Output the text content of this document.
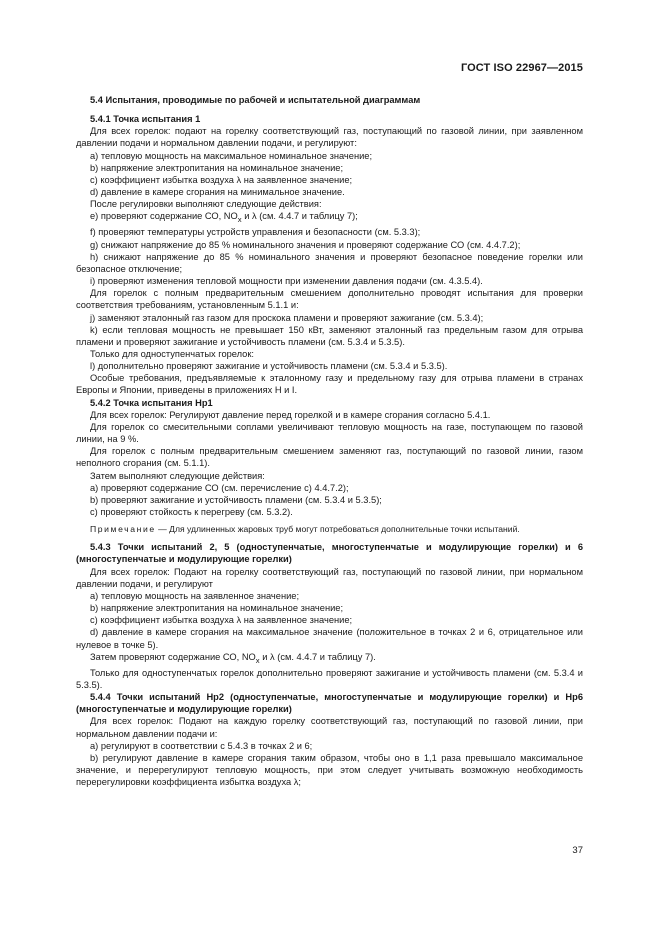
ГОСТ ISO 22967—2015

5.4 Испытания, проводимые по рабочей и испытательной диаграммам

5.4.1 Точка испытания 1

Для всех горелок: подают на горелку соответствующий газ, поступающий по газовой линии, при заявленном давлении подачи и нормальном давлении подачи, и регулируют:

a) тепловую мощность на максимальное номинальное значение;

b) напряжение электропитания на номинальное значение;

c) коэффициент избытка воздуха λ на заявленное значение;

d) давление в камере сгорания на минимальное значение.

После регулировки выполняют следующие действия:

e) проверяют содержание СО, $NO_x$ и λ (см. 4.4.7 и таблицу 7);

f) проверяют температуры устройств управления и безопасности (см. 5.3.3);

g) снижают напряжение до 85 % номинального значения и проверяют содержание СО (см. 4.4.7.2);

h) снижают напряжение до 85 % номинального значения и проверяют безопасное поведение горелки или безопасное отключение;

i) проверяют изменения тепловой мощности при изменении давления подачи (см. 4.3.5.4).

Для горелок с полным предварительным смешением дополнительно проводят испытания для проверки соответствия требованиям, установленным 5.1.1 и:

j) заменяют эталонный газ газом для проскока пламени и проверяют зажигание (см. 5.3.4);

k) если тепловая мощность не превышает 150 кВт, заменяют эталонный газ предельным газом для отрыва пламени и проверяют зажигание и устойчивость пламени (см. 5.3.4 и 5.3.5).

Только для одноступенчатых горелок:

l) дополнительно проверяют зажигание и устойчивость пламени (см. 5.3.4 и 5.3.5).

Особые требования, предъявляемые к эталонному газу и предельному газу для отрыва пламени в странах Европы и Японии, приведены в приложениях H и I.

5.4.2 Точка испытания Нр1

Для всех горелок: Регулируют давление перед горелкой и в камере сгорания согласно 5.4.1.

Для горелок со смесительными соплами увеличивают тепловую мощность на газе, поступающем по газовой линии, на 9 %.

Для горелок с полным предварительным смешением заменяют газ, поступающий по газовой линии, газом неполного сгорания (см. 5.1.1).

Затем выполняют следующие действия:

a) проверяют содержание СО (см. перечисление c) 4.4.7.2);

b) проверяют зажигание и устойчивость пламени (см. 5.3.4 и 5.3.5);

c) проверяют стойкость к перегреву (см. 5.3.2).

Примечание — Для удлиненных жаровых труб могут потребоваться дополнительные точки испытаний.

5.4.3 Точки испытаний 2, 5 (одноступенчатые, многоступенчатые и модулирующие горелки) и 6 (многоступенчатые и модулирующие горелки)

Для всех горелок: Подают на горелку соответствующий газ, поступающий по газовой линии, при нормальном давлении подачи, и регулируют

a) тепловую мощность на заявленное значение;

b) напряжение электропитания на номинальное значение;

c) коэффициент избытка воздуха λ на заявленное значение;

d) давление в камере сгорания на максимальное значение (положительное в точках 2 и 6, отрицательное или нулевое в точке 5).

Затем проверяют содержание СО, $NO_x$ и λ (см. 4.4.7 и таблицу 7).

Только для одноступенчатых горелок дополнительно проверяют зажигание и устойчивость пламени (см. 5.3.4 и 5.3.5).

5.4.4 Точки испытаний Нр2 (одноступенчатые, многоступенчатые и модулирующие горелки) и Нр6 (многоступенчатые и модулирующие горелки)

Для всех горелок: Подают на каждую горелку соответствующий газ, поступающий по газовой линии, при нормальном давлении подачи и:

a) регулируют в соответствии с 5.4.3 в точках 2 и 6;

b) регулируют давление в камере сгорания таким образом, чтобы оно в 1,1 раза превышало максимальное значение, и перерегулируют тепловую мощность, при этом следует учитывать возможную необходимость перерегулировки коэффициента избытка воздуха λ;

37
